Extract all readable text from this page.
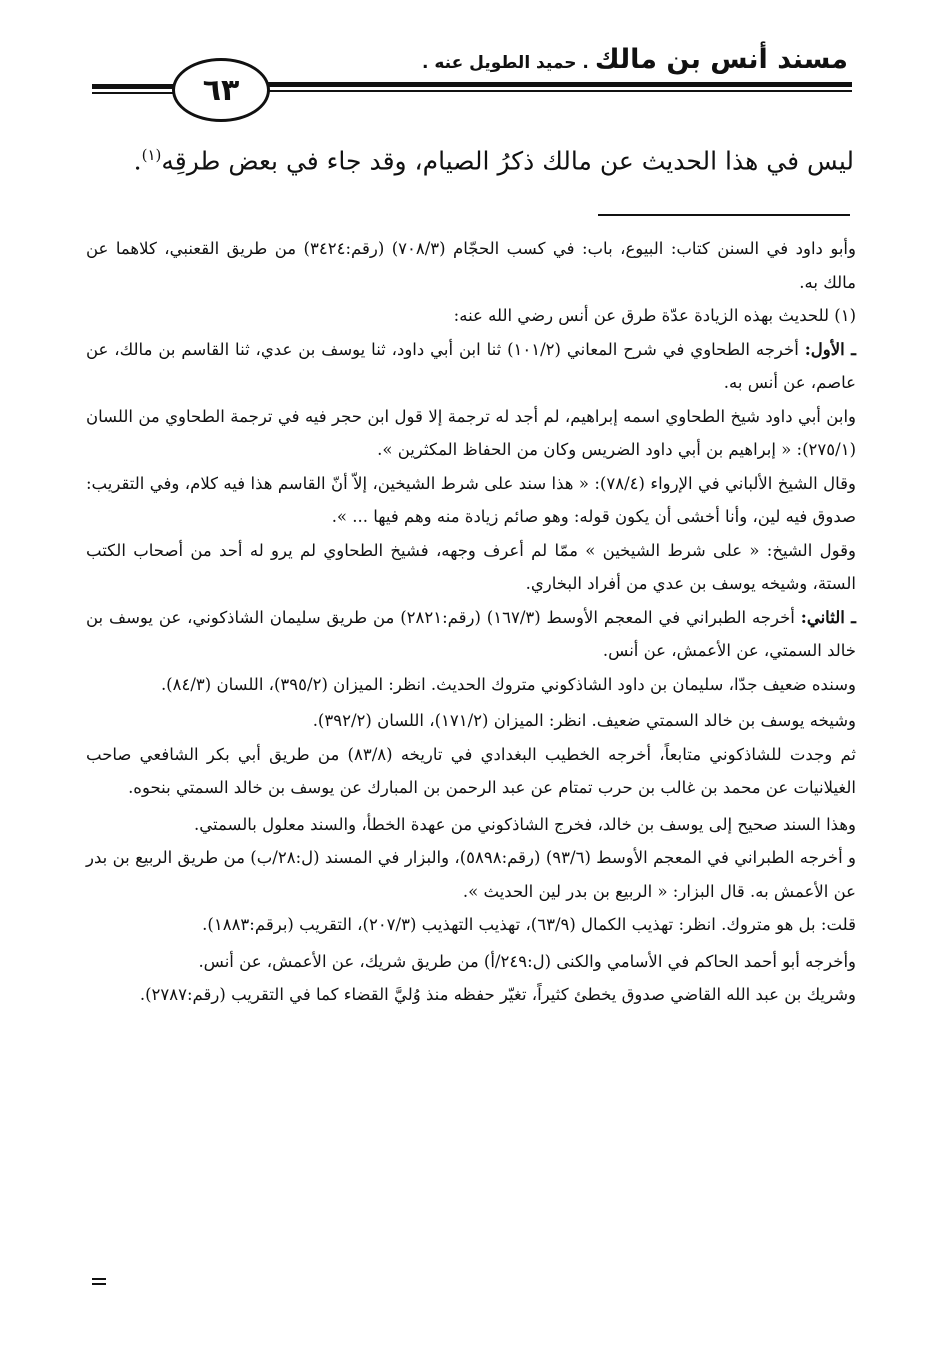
مسند أنس بن مالك. حميد الطويل عنه .
٦٣
ليس في هذا الحديث عن مالك ذكرُ الصيام، وقد جاء في بعض طرقِه$^{(١)}$.

وأبو داود في السنن كتاب: البيوع، باب: في كسب الحجّام (٧٠٨/٣) (رقم:٣٤٢٤) من طريق القعنبي، كلاهما عن مالك به.

(١) للحديث بهذه الزيادة عدّة طرق عن أنس رضي الله عنه:

ـ الأول: أخرجه الطحاوي في شرح المعاني (١٠١/٢) ثنا ابن أبي داود، ثنا يوسف بن عدي، ثنا القاسم بن مالك، عن عاصم، عن أنس به.

وابن أبي داود شيخ الطحاوي اسمه إبراهيم، لم أجد له ترجمة إلا قول ابن حجر فيه في ترجمة الطحاوي من اللسان (٢٧٥/١): « إبراهيم بن أبي داود الضريس وكان من الحفاظ المكثرين ».

وقال الشيخ الألباني في الإرواء (٧٨/٤): « هذا سند على شرط الشيخين، إلاّ أنّ القاسم هذا فيه كلام، وفي التقريب: صدوق فيه لين، وأنا أخشى أن يكون قوله: وهو صائم زيادة منه وهم فيها ... ».

وقول الشيخ: « على شرط الشيخين » ممّا لم أعرف وجهه، فشيخ الطحاوي لم يرو له أحد من أصحاب الكتب الستة، وشيخه يوسف بن عدي من أفراد البخاري.

ـ الثاني: أخرجه الطبراني في المعجم الأوسط (١٦٧/٣) (رقم:٢٨٢١) من طريق سليمان الشاذكوني، عن يوسف بن خالد السمتي، عن الأعمش، عن أنس.

وسنده ضعيف جدّا، سليمان بن داود الشاذكوني متروك الحديث. انظر: الميزان (٣٩٥/٢)، اللسان (٨٤/٣).

وشيخه يوسف بن خالد السمتي ضعيف. انظر: الميزان (١٧١/٢)، اللسان (٣٩٢/٢).

ثم وجدت للشاذكوني متابعاً، أخرجه الخطيب البغدادي في تاريخه (٨٣/٨) من طريق أبي بكر الشافعي صاحب الغيلانيات عن محمد بن غالب بن حرب تمتام عن عبد الرحمن بن المبارك عن يوسف بن خالد السمتي بنحوه.

وهذا السند صحيح إلى يوسف بن خالد، فخرج الشاذكوني من عهدة الخطأ، والسند معلول بالسمتي.

و أخرجه الطبراني في المعجم الأوسط (٩٣/٦) (رقم:٥٨٩٨)، والبزار في المسند (ل:٢٨/ب) من طريق الربيع بن بدر عن الأعمش به. قال البزار: « الربيع بن بدر لين الحديث ».

قلت: بل هو متروك. انظر: تهذيب الكمال (٦٣/٩)، تهذيب التهذيب (٢٠٧/٣)، التقريب (برقم:١٨٨٣).

وأخرجه أبو أحمد الحاكم في الأسامي والكنى (ل:٢٤٩/أ) من طريق شريك، عن الأعمش، عن أنس.

وشريك بن عبد الله القاضي صدوق يخطئ كثيراً، تغيّر حفظه منذ وُليَّ القضاء كما في التقريب (رقم:٢٧٨٧).
